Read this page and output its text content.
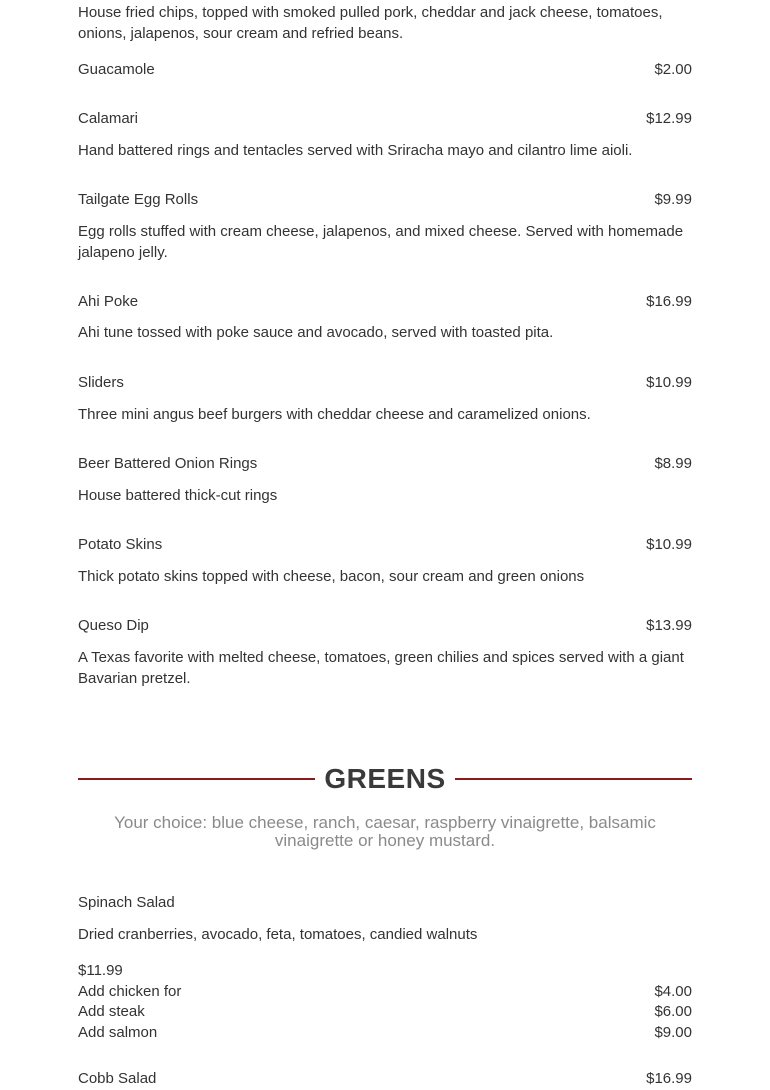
House fried chips, topped with smoked pulled pork, cheddar and jack cheese, tomatoes, onions, jalapenos, sour cream and refried beans.
Guacamole	$2.00
Calamari	$12.99
Hand battered rings and tentacles served with Sriracha mayo and cilantro lime aioli.
Tailgate Egg Rolls	$9.99
Egg rolls stuffed with cream cheese, jalapenos, and mixed cheese. Served with homemade jalapeno jelly.
Ahi Poke	$16.99
Ahi tune tossed with poke sauce and avocado, served with toasted pita.
Sliders	$10.99
Three mini angus beef burgers with cheddar cheese and caramelized onions.
Beer Battered Onion Rings	$8.99
House battered thick-cut rings
Potato Skins	$10.99
Thick potato skins topped with cheese, bacon, sour cream and green onions
Queso Dip	$13.99
A Texas favorite with melted cheese, tomatoes, green chilies and spices served with a giant Bavarian pretzel.
GREENS
Your choice: blue cheese, ranch, caesar, raspberry vinaigrette, balsamic vinaigrette or honey mustard.
Spinach Salad
Dried cranberries, avocado, feta, tomatoes, candied walnuts
$11.99
Add chicken for	$4.00
Add steak	$6.00
Add salmon	$9.00
Cobb Salad	$16.99
